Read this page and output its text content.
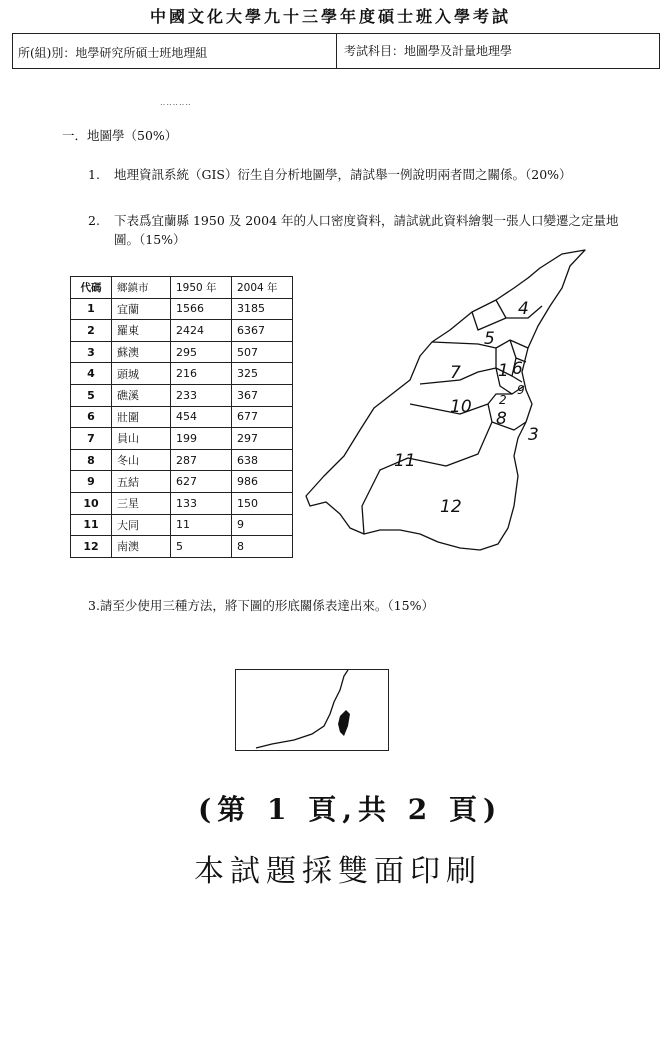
中國文化大學九十三學年度碩士班入學考試
所(組)別：地學研究所碩士班地理組	考試科目：地圖學及計量地理學
‥‥‥‥‥
一．地圖學（50%）
1. 地理資訊系統（GIS）衍生自分析地圖學，請試舉一例說明兩者間之關係。（20%）
2. 下表爲宜蘭縣 1950 及 2004 年的人口密度資料，請試就此資料繪製一張人口變遷之定量地圖。（15%）
代碼	鄉鎮市	1950 年	2004 年
1	宜蘭	1566	3185
2	羅東	2424	6367
3	蘇澳	295	507
4	頭城	216	325
5	礁溪	233	367
6	壯圍	454	677
7	員山	199	297
8	冬山	287	638
9	五結	627	986
10	三星	133	150
11	大同	11	9
12	南澳	5	8
4
5
7 1 6
9
2
10
8
3
11
12
3.請至少使用三種方法，將下圖的形底關係表達出來。（15%）
(第 1 頁,共 2 頁)
本試題採雙面印刷
